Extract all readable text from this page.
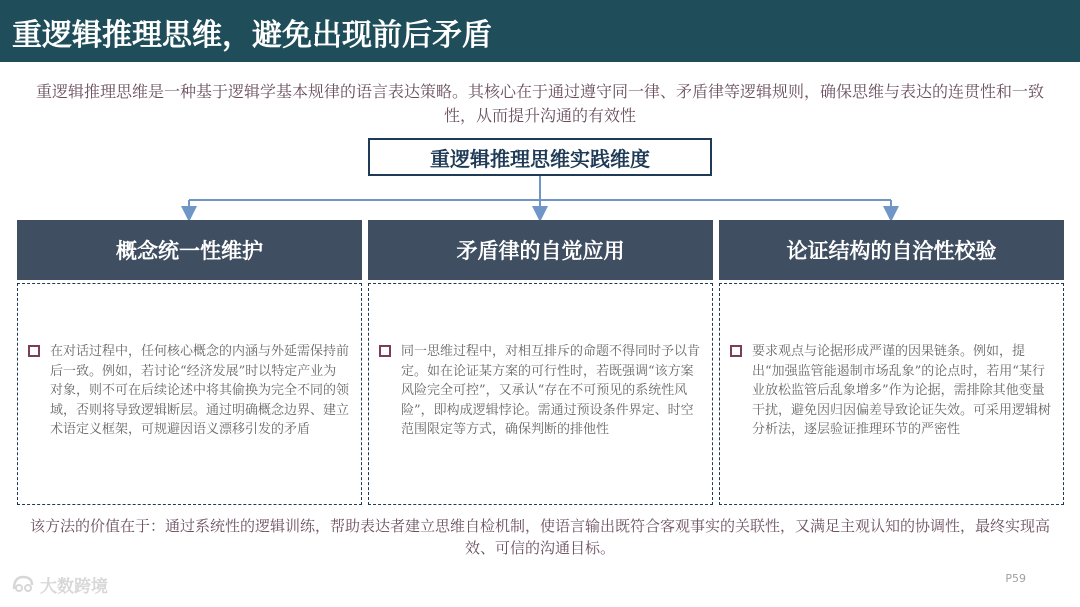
重逻辑推理思维，避免出现前后矛盾
重逻辑推理思维是一种基于逻辑学基本规律的语言表达策略。其核心在于通过遵守同一律、矛盾律等逻辑规则，确保思维与表达的连贯性和一致性，从而提升沟通的有效性
重逻辑推理思维实践维度
概念统一性维护
在对话过程中，任何核心概念的内涵与外延需保持前后一致。例如，若讨论“经济发展”时以特定产业为对象，则不可在后续论述中将其偷换为完全不同的领域，否则将导致逻辑断层。通过明确概念边界、建立术语定义框架，可规避因语义漂移引发的矛盾
矛盾律的自觉应用
同一思维过程中，对相互排斥的命题不得同时予以肯定。如在论证某方案的可行性时，若既强调“该方案风险完全可控”，又承认“存在不可预见的系统性风险”，即构成逻辑悖论。需通过预设条件界定、时空范围限定等方式，确保判断的排他性
论证结构的自洽性校验
要求观点与论据形成严谨的因果链条。例如，提出“加强监管能遏制市场乱象”的论点时，若用“某行业放松监管后乱象增多”作为论据，需排除其他变量干扰，避免因归因偏差导致论证失效。可采用逻辑树分析法，逐层验证推理环节的严密性
该方法的价值在于：通过系统性的逻辑训练，帮助表达者建立思维自检机制，使语言输出既符合客观事实的关联性，又满足主观认知的协调性，最终实现高效、可信的沟通目标。
大数跨境	P59
